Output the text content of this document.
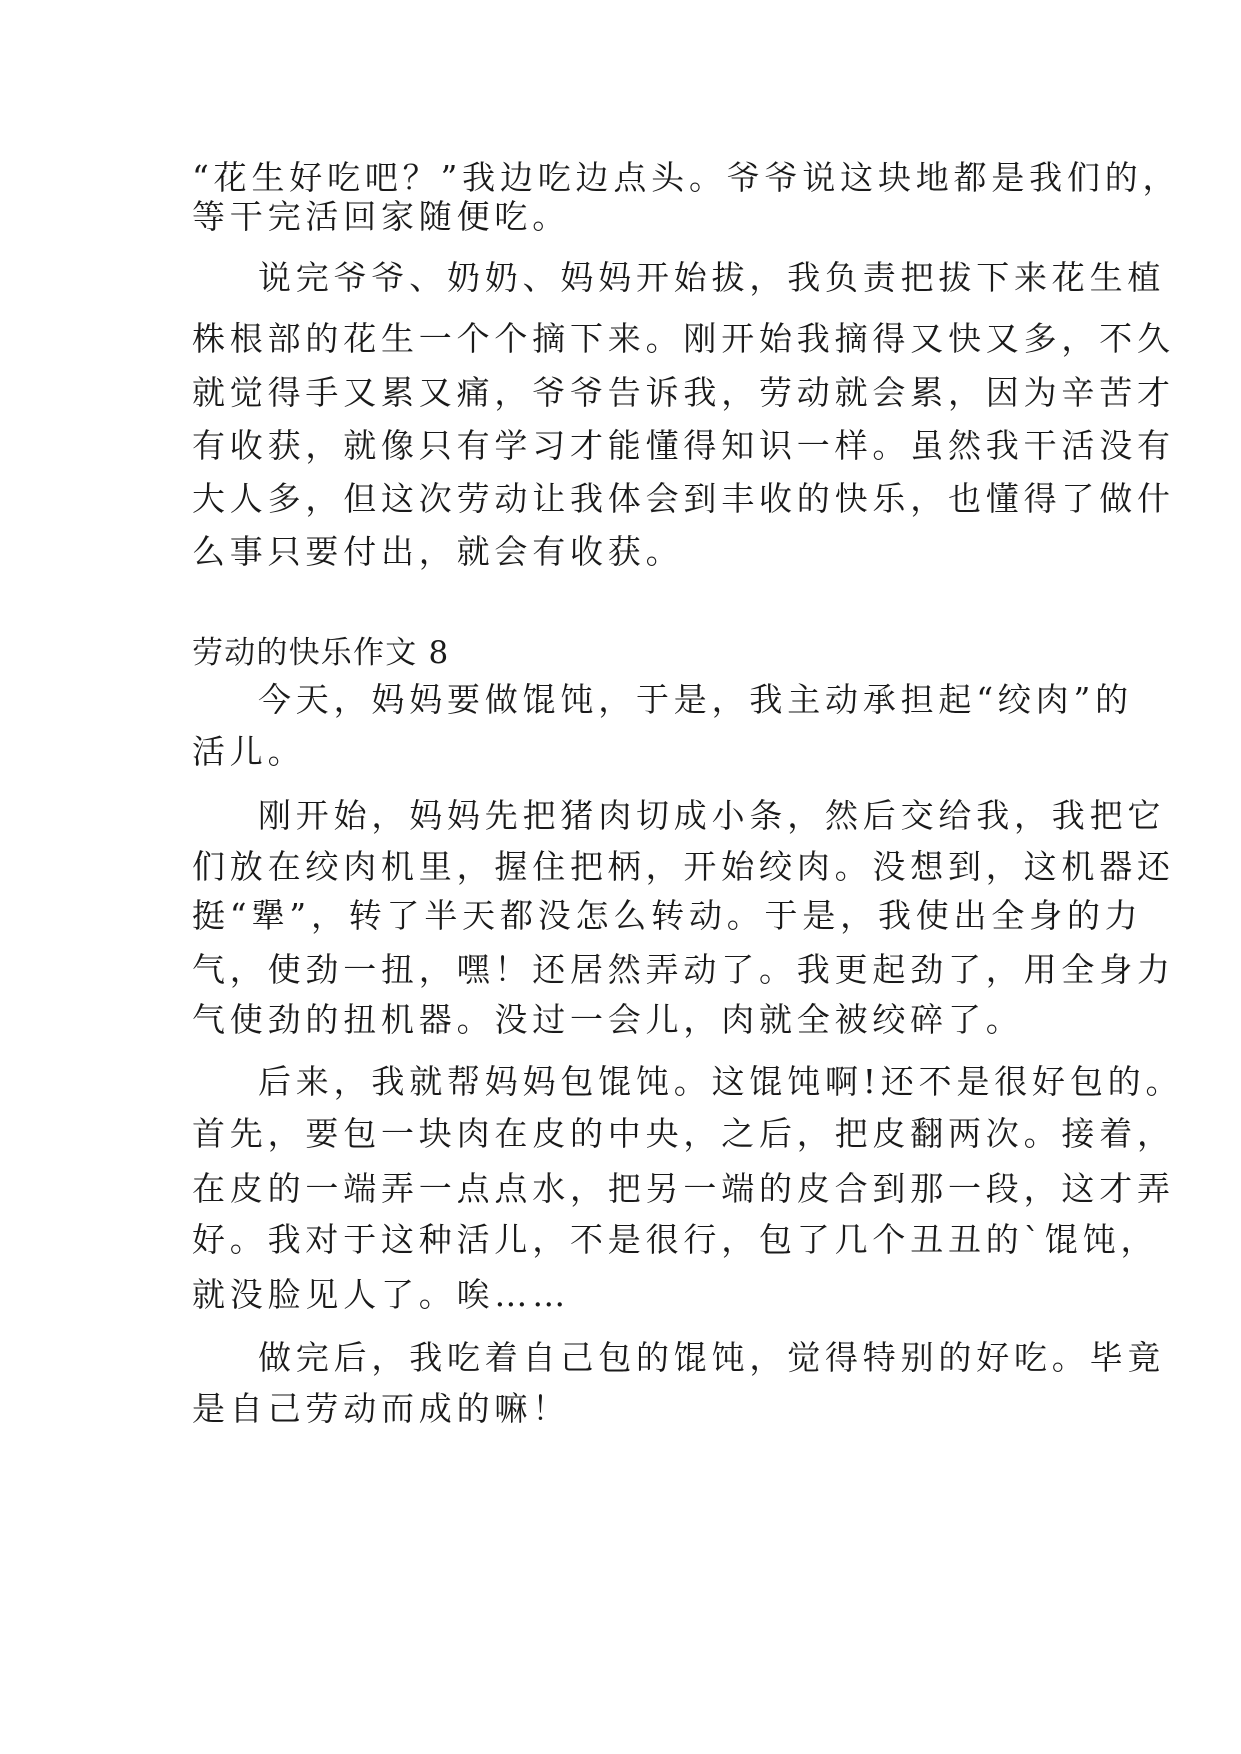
“花生好吃吧？”我边吃边点头。爷爷说这块地都是我们的，
等干完活回家随便吃。
说完爷爷、奶奶、妈妈开始拔，我负责把拔下来花生植
株根部的花生一个个摘下来。刚开始我摘得又快又多，不久
就觉得手又累又痛，爷爷告诉我，劳动就会累，因为辛苦才
有收获，就像只有学习才能懂得知识一样。虽然我干活没有
大人多，但这次劳动让我体会到丰收的快乐，也懂得了做什
么事只要付出，就会有收获。
劳动的快乐作文 8
今天，妈妈要做馄饨，于是，我主动承担起“绞肉”的
活儿。
刚开始，妈妈先把猪肉切成小条，然后交给我，我把它
们放在绞肉机里，握住把柄，开始绞肉。没想到，这机器还
挺“犟”，转了半天都没怎么转动。于是，我使出全身的力
气，使劲一扭，嘿！还居然弄动了。我更起劲了，用全身力
气使劲的扭机器。没过一会儿，肉就全被绞碎了。
后来，我就帮妈妈包馄饨。这馄饨啊!还不是很好包的。
首先，要包一块肉在皮的中央，之后，把皮翻两次。接着，
在皮的一端弄一点点水，把另一端的皮合到那一段，这才弄
好。我对于这种活儿，不是很行，包了几个丑丑的`馄饨，
就没脸见人了。唉……
做完后，我吃着自己包的馄饨，觉得特别的好吃。毕竟
是自己劳动而成的嘛！
